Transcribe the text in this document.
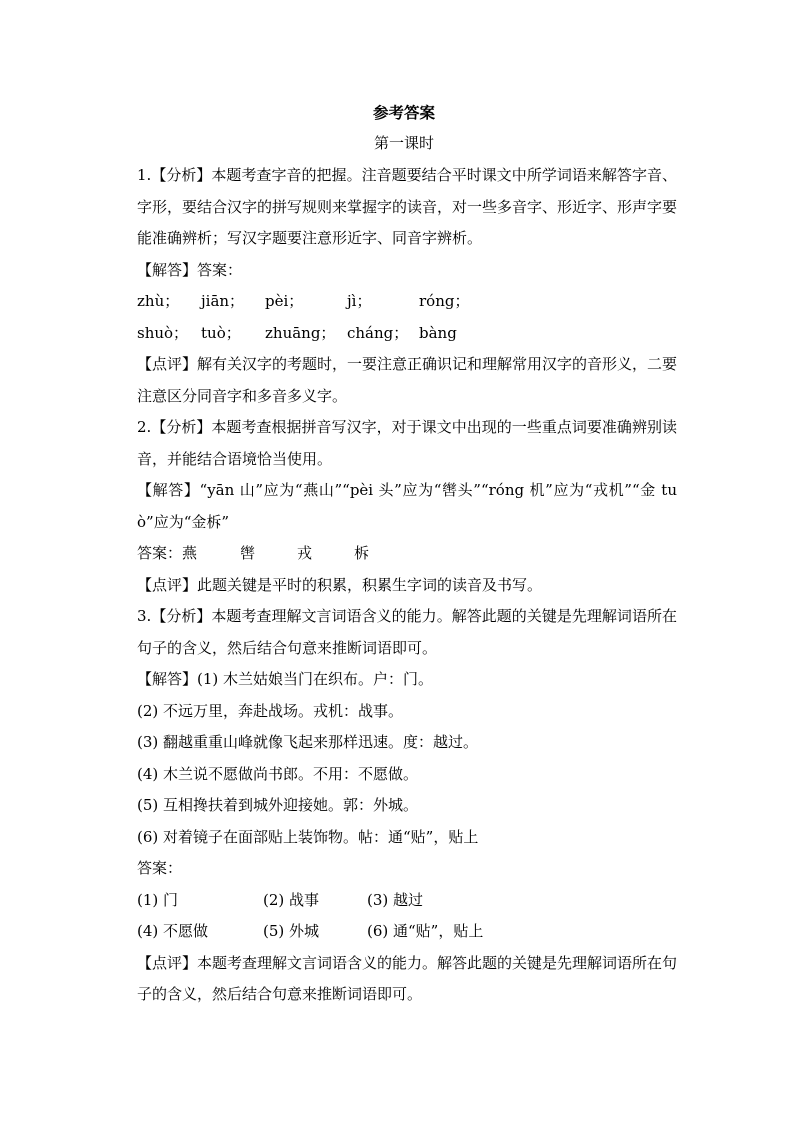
参考答案
第一课时

1.【分析】本题考查字音的把握。注音题要结合平时课文中所学词语来解答字音、字形，要结合汉字的拼写规则来掌握字的读音，对一些多音字、形近字、形声字要能准确辨析；写汉字题要注意形近字、同音字辨析。

【解答】答案：

zhù；	jiān；	pèi；	jì；	róng；
shuò； tuò；	zhuāng； cháng； bàng

【点评】解有关汉字的考题时，一要注意正确识记和理解常用汉字的音形义，二要注意区分同音字和多音多义字。

2.【分析】本题考查根据拼音写汉字，对于课文中出现的一些重点词要准确辨别读音，并能结合语境恰当使用。

【解答】“yān 山”应为“燕山”“pèi 头”应为“辔头”“róng 机”应为“戎机”“金 tuò”应为“金柝”

答案： 燕	辔	戎	柝

【点评】此题关键是平时的积累，积累生字词的读音及书写。

3.【分析】本题考查理解文言词语含义的能力。解答此题的关键是先理解词语所在句子的含义，然后结合句意来推断词语即可。

【解答】(1) 木兰姑娘当门在织布。户：门。

(2) 不远万里，奔赴战场。戎机：战事。

(3) 翻越重重山峰就像飞起来那样迅速。度：越过。

(4) 木兰说不愿做尚书郎。不用：不愿做。

(5) 互相搀扶着到城外迎接她。郭：外城。

(6) 对着镜子在面部贴上装饰物。帖：通“贴”，贴上

答案：

(1) 门	(2) 战事	(3) 越过
(4) 不愿做	(5) 外城	(6) 通“贴”，贴上

【点评】本题考查理解文言词语含义的能力。解答此题的关键是先理解词语所在句子的含义，然后结合句意来推断词语即可。
